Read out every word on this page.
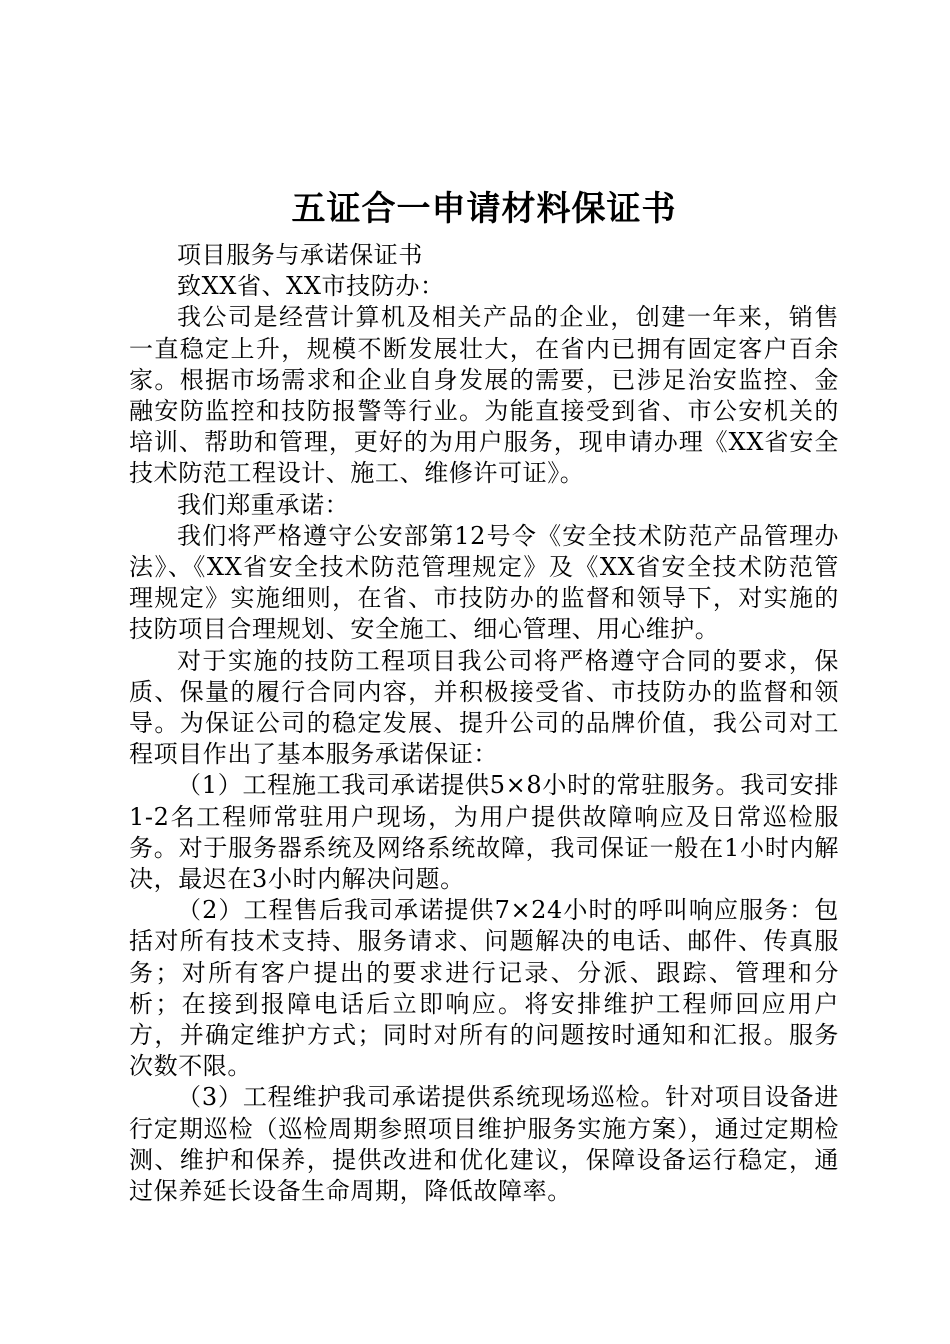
五证合一申请材料保证书

项目服务与承诺保证书

致XX省、XX市技防办：

我公司是经营计算机及相关产品的企业，创建一年来，销售一直稳定上升，规模不断发展壮大，在省内已拥有固定客户百余家。根据市场需求和企业自身发展的需要，已涉足治安监控、金融安防监控和技防报警等行业。为能直接受到省、市公安机关的培训、帮助和管理，更好的为用户服务，现申请办理《XX省安全技术防范工程设计、施工、维修许可证》。

我们郑重承诺：

我们将严格遵守公安部第12号令《安全技术防范产品管理办法》、《XX省安全技术防范管理规定》及《XX省安全技术防范管理规定》实施细则，在省、市技防办的监督和领导下，对实施的技防项目合理规划、安全施工、细心管理、用心维护。

对于实施的技防工程项目我公司将严格遵守合同的要求，保质、保量的履行合同内容，并积极接受省、市技防办的监督和领导。为保证公司的稳定发展、提升公司的品牌价值，我公司对工程项目作出了基本服务承诺保证：

（1）工程施工我司承诺提供5×8小时的常驻服务。我司安排1-2名工程师常驻用户现场，为用户提供故障响应及日常巡检服务。对于服务器系统及网络系统故障，我司保证一般在1小时内解决，最迟在3小时内解决问题。

（2）工程售后我司承诺提供7×24小时的呼叫响应服务：包括对所有技术支持、服务请求、问题解决的电话、邮件、传真服务；对所有客户提出的要求进行记录、分派、跟踪、管理和分析；在接到报障电话后立即响应。将安排维护工程师回应用户方，并确定维护方式；同时对所有的问题按时通知和汇报。服务次数不限。

（3）工程维护我司承诺提供系统现场巡检。针对项目设备进行定期巡检（巡检周期参照项目维护服务实施方案），通过定期检测、维护和保养，提供改进和优化建议，保障设备运行稳定，通过保养延长设备生命周期，降低故障率。
